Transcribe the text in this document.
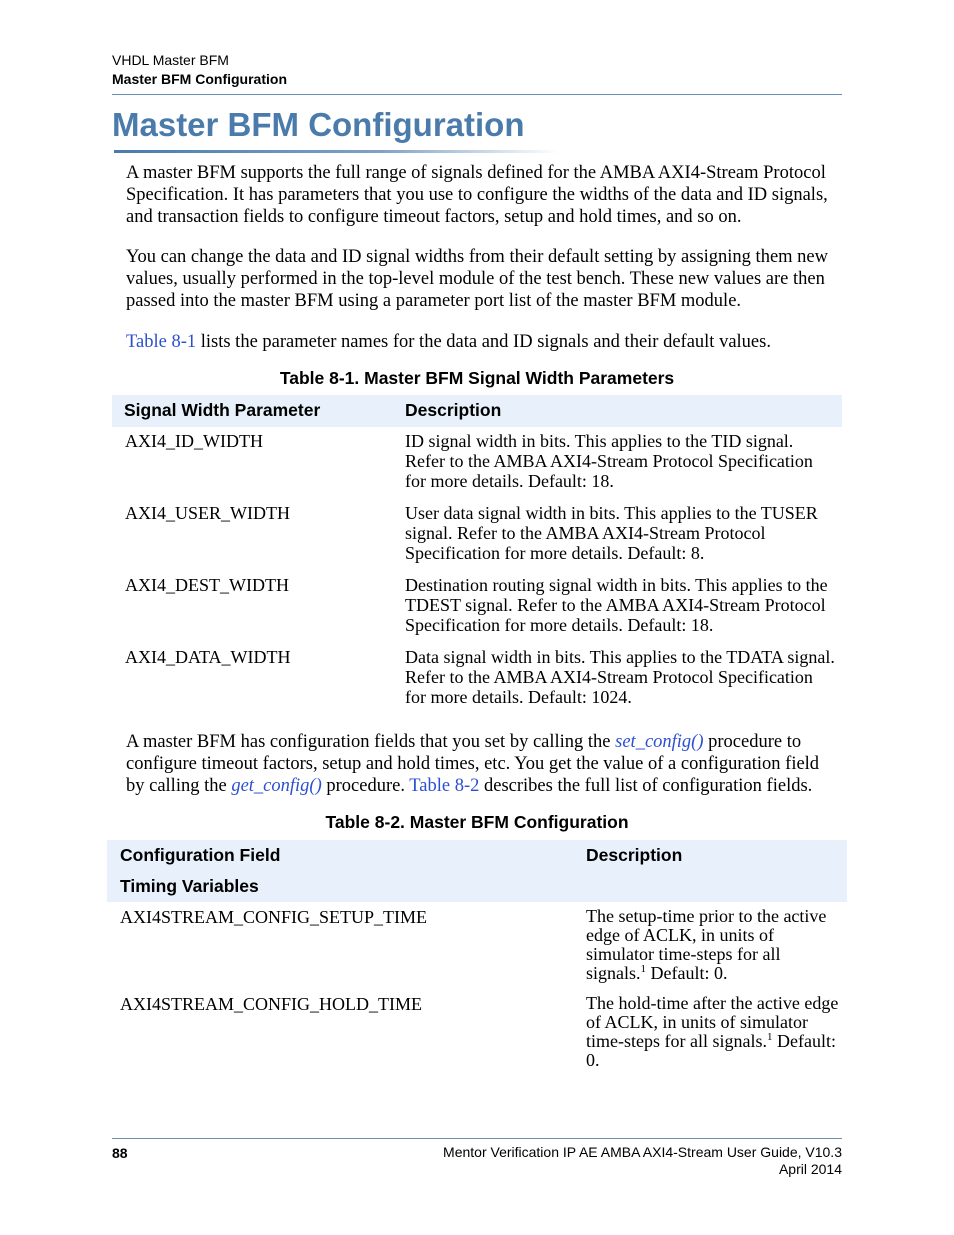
VHDL Master BFM
Master BFM Configuration
Master BFM Configuration

A master BFM supports the full range of signals defined for the AMBA AXI4-Stream Protocol Specification. It has parameters that you use to configure the widths of the data and ID signals, and transaction fields to configure timeout factors, setup and hold times, and so on.

You can change the data and ID signal widths from their default setting by assigning them new values, usually performed in the top-level module of the test bench. These new values are then passed into the master BFM using a parameter port list of the master BFM module.

Table 8-1 lists the parameter names for the data and ID signals and their default values.

Table 8-1. Master BFM Signal Width Parameters

Signal Width Parameter	Description

AXI4_ID_WIDTH	ID signal width in bits. This applies to the TID signal. Refer to the AMBA AXI4-Stream Protocol Specification for more details. Default: 18.

AXI4_USER_WIDTH	User data signal width in bits. This applies to the TUSER signal. Refer to the AMBA AXI4-Stream Protocol Specification for more details. Default: 8.

AXI4_DEST_WIDTH	Destination routing signal width in bits. This applies to the TDEST signal. Refer to the AMBA AXI4-Stream Protocol Specification for more details. Default: 18.

AXI4_DATA_WIDTH	Data signal width in bits. This applies to the TDATA signal. Refer to the AMBA AXI4-Stream Protocol Specification for more details. Default: 1024.

A master BFM has configuration fields that you set by calling the set_config() procedure to configure timeout factors, setup and hold times, etc. You get the value of a configuration field by calling the get_config() procedure. Table 8-2 describes the full list of configuration fields.

Table 8-2. Master BFM Configuration

Configuration Field	Description
Timing Variables

AXI4STREAM_CONFIG_SETUP_TIME	The setup-time prior to the active edge of ACLK, in units of simulator time-steps for all signals.$^1$ Default: 0.

AXI4STREAM_CONFIG_HOLD_TIME	The hold-time after the active edge of ACLK, in units of simulator time-steps for all signals.$^1$ Default: 0.

88	Mentor Verification IP AE AMBA AXI4-Stream User Guide, V10.3
April 2014
